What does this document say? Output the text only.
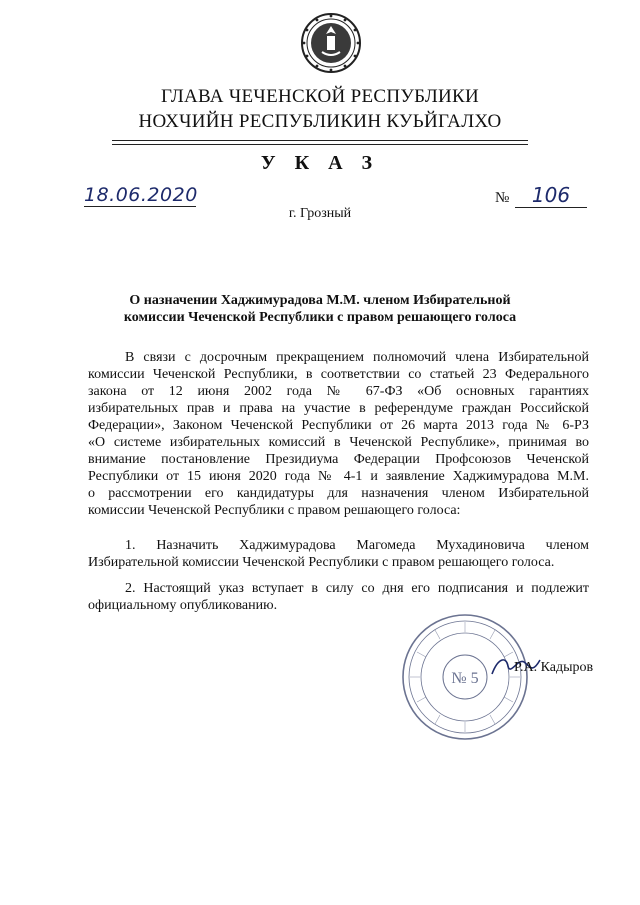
ГЛАВА ЧЕЧЕНСКОЙ РЕСПУБЛИКИ
НОХЧИЙН РЕСПУБЛИКИН КУЬЙГАЛХО
У К А З
18.06.2020	№	106
г. Грозный
О назначении Хаджимурадова М.М. членом Избирательной
комиссии Чеченской Республики с правом решающего голоса
В связи с досрочным прекращением полномочий члена Избирательной
комиссии Чеченской Республики, в соответствии со статьей 23 Федерального
закона от 12 июня 2002 года № 67-ФЗ «Об основных гарантиях
избирательных прав и права на участие в референдуме граждан Российской
Федерации», Законом Чеченской Республики от 26 марта 2013 года № 6-РЗ
«О системе избирательных комиссий в Чеченской Республике», принимая во
внимание постановление Президиума Федерации Профсоюзов Чеченской
Республики от 15 июня 2020 года № 4-1 и заявление Хаджимурадова М.М.
о рассмотрении его кандидатуры для назначения членом Избирательной
комиссии Чеченской Республики с правом решающего голоса:
1. Назначить Хаджимурадова Магомеда Мухадиновича членом
Избирательной комиссии Чеченской Республики с правом решающего голоса.
2. Настоящий указ вступает в силу со дня его подписания и подлежит
официальному опубликованию.
№ 5
Р.А. Кадыров
